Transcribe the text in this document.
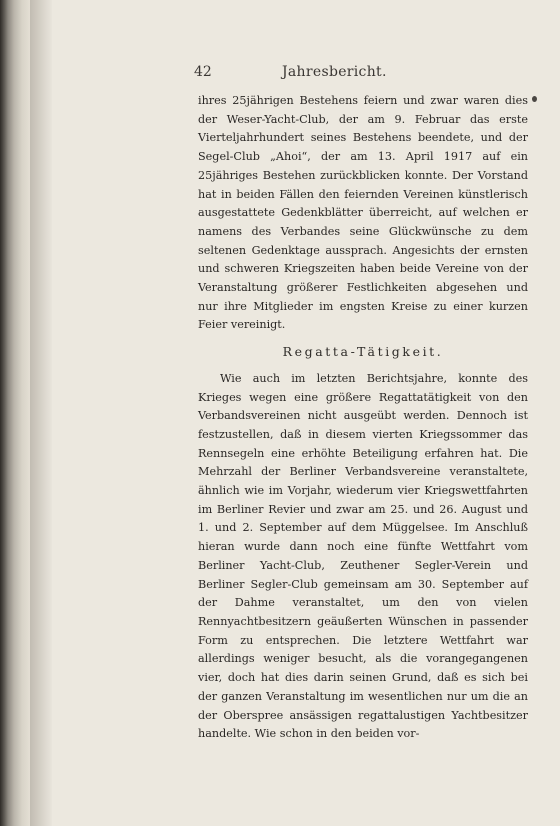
42	Jahresbericht.

ihres 25jährigen Bestehens feiern und zwar waren dies der Weser-Yacht-Club, der am 9. Februar das erste Vierteljahrhundert seines Bestehens beendete, und der Segel-Club „Ahoi“, der am 13. April 1917 auf ein 25jähriges Bestehen zurückblicken konnte. Der Vorstand hat in beiden Fällen den feiernden Vereinen künstlerisch ausgestattete Gedenkblätter überreicht, auf welchen er namens des Verbandes seine Glückwünsche zu dem seltenen Gedenktage aussprach. Angesichts der ernsten und schweren Kriegszeiten haben beide Vereine von der Veranstaltung größerer Festlichkeiten abgesehen und nur ihre Mitglieder im engsten Kreise zu einer kurzen Feier vereinigt.

Regatta-Tätigkeit.

Wie auch im letzten Berichtsjahre, konnte des Krieges wegen eine größere Regattatätigkeit von den Verbandsvereinen nicht ausgeübt werden. Dennoch ist festzustellen, daß in diesem vierten Kriegssommer das Rennsegeln eine erhöhte Beteiligung erfahren hat. Die Mehrzahl der Berliner Verbandsvereine veranstaltete, ähnlich wie im Vorjahr, wiederum vier Kriegswettfahrten im Berliner Revier und zwar am 25. und 26. August und 1. und 2. September auf dem Müggelsee. Im Anschluß hieran wurde dann noch eine fünfte Wettfahrt vom Berliner Yacht-Club, Zeuthener Segler-Verein und Berliner Segler-Club gemeinsam am 30. September auf der Dahme veranstaltet, um den von vielen Rennyachtbesitzern geäußerten Wünschen in passender Form zu entsprechen. Die letztere Wettfahrt war allerdings weniger besucht, als die vorangegangenen vier, doch hat dies darin seinen Grund, daß es sich bei der ganzen Veranstaltung im wesentlichen nur um die an der Oberspree ansässigen regattalustigen Yachtbesitzer handelte. Wie schon in den beiden vor-
